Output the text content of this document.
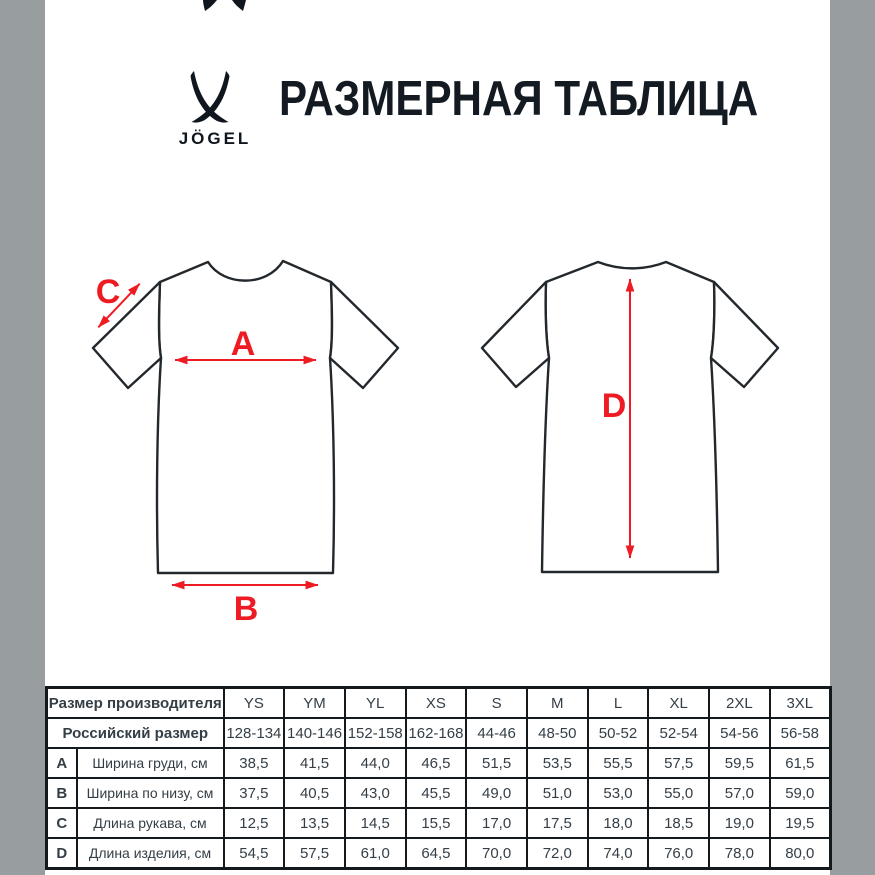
A
B
C
D
JÖGEL
РАЗМЕРНАЯ ТАБЛИЦА
Размер производителя		YS	YM	YL	XS	S	M	L	XL	2XL	3XL
Российский размер		128-134	140-146	152-158	162-168	44-46	48-50	50-52	52-54	54-56	56-58
A	Ширина груди, см	38,5	41,5	44,0	46,5	51,5	53,5	55,5	57,5	59,5	61,5
B	Ширина по низу, см	37,5	40,5	43,0	45,5	49,0	51,0	53,0	55,0	57,0	59,0
C	Длина рукава, см	12,5	13,5	14,5	15,5	17,0	17,5	18,0	18,5	19,0	19,5
D	Длина изделия, см	54,5	57,5	61,0	64,5	70,0	72,0	74,0	76,0	78,0	80,0
